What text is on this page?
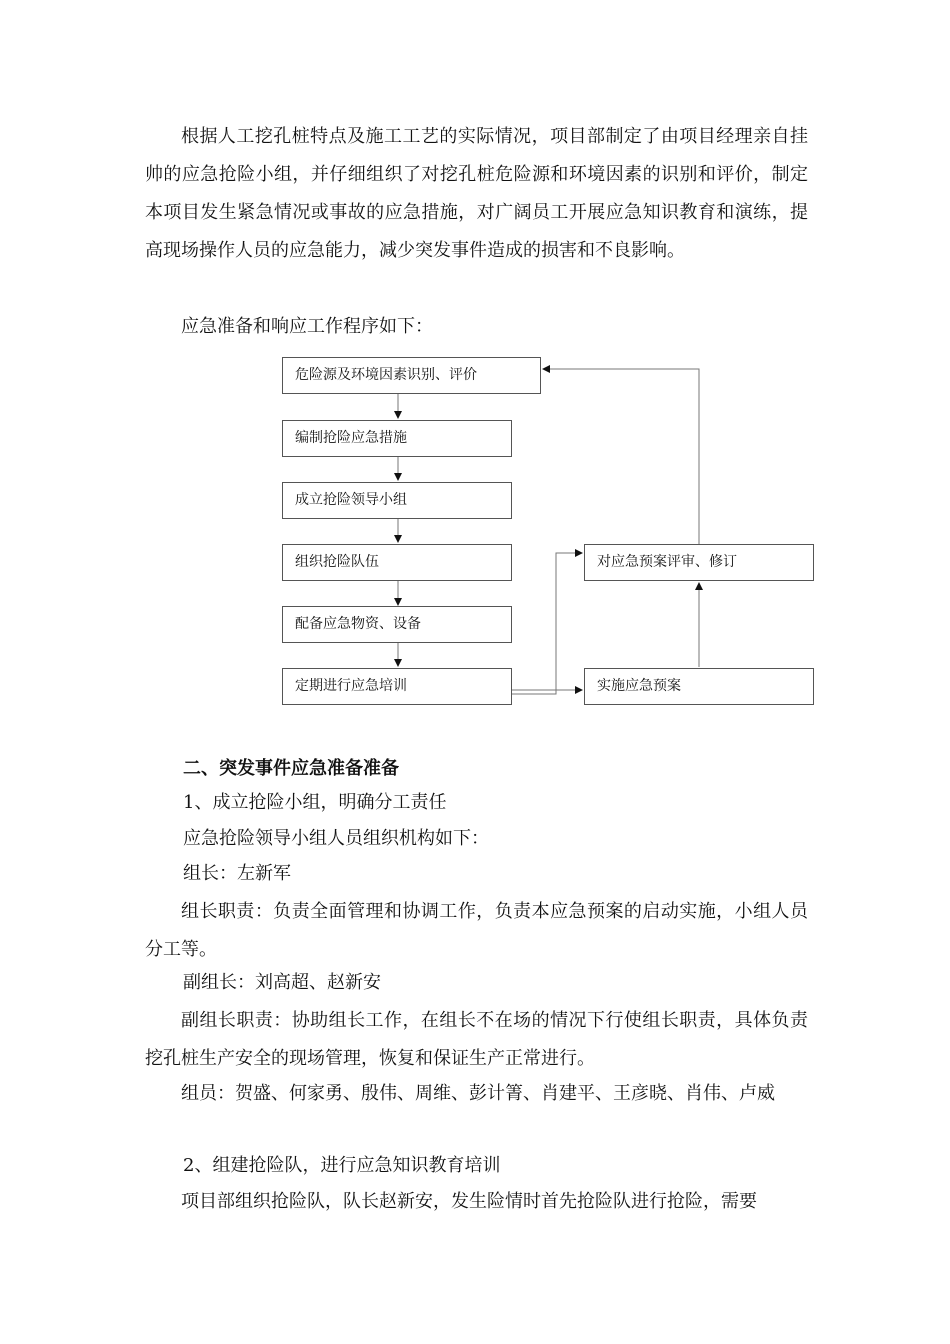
根据人工挖孔桩特点及施工工艺的实际情况，项目部制定了由项目经理亲自挂帅的应急抢险小组，并仔细组织了对挖孔桩危险源和环境因素的识别和评价，制定本项目发生紧急情况或事故的应急措施，对广阔员工开展应急知识教育和演练，提高现场操作人员的应急能力，减少突发事件造成的损害和不良影响。

应急准备和响应工作程序如下：

危险源及环境因素识别、评价
编制抢险应急措施
成立抢险领导小组
组织抢险队伍
配备应急物资、设备
定期进行应急培训
对应急预案评审、修订
实施应急预案

二、突发事件应急准备准备

1、成立抢险小组，明确分工责任

应急抢险领导小组人员组织机构如下：

组长：左新军

组长职责：负责全面管理和协调工作，负责本应急预案的启动实施，小组人员分工等。

副组长：刘高超、赵新安

副组长职责：协助组长工作，在组长不在场的情况下行使组长职责，具体负责挖孔桩生产安全的现场管理，恢复和保证生产正常进行。

组员：贺盛、何家勇、殷伟、周维、彭计箐、肖建平、王彦晓、肖伟、卢威

2、组建抢险队，进行应急知识教育培训

项目部组织抢险队，队长赵新安，发生险情时首先抢险队进行抢险，需要
